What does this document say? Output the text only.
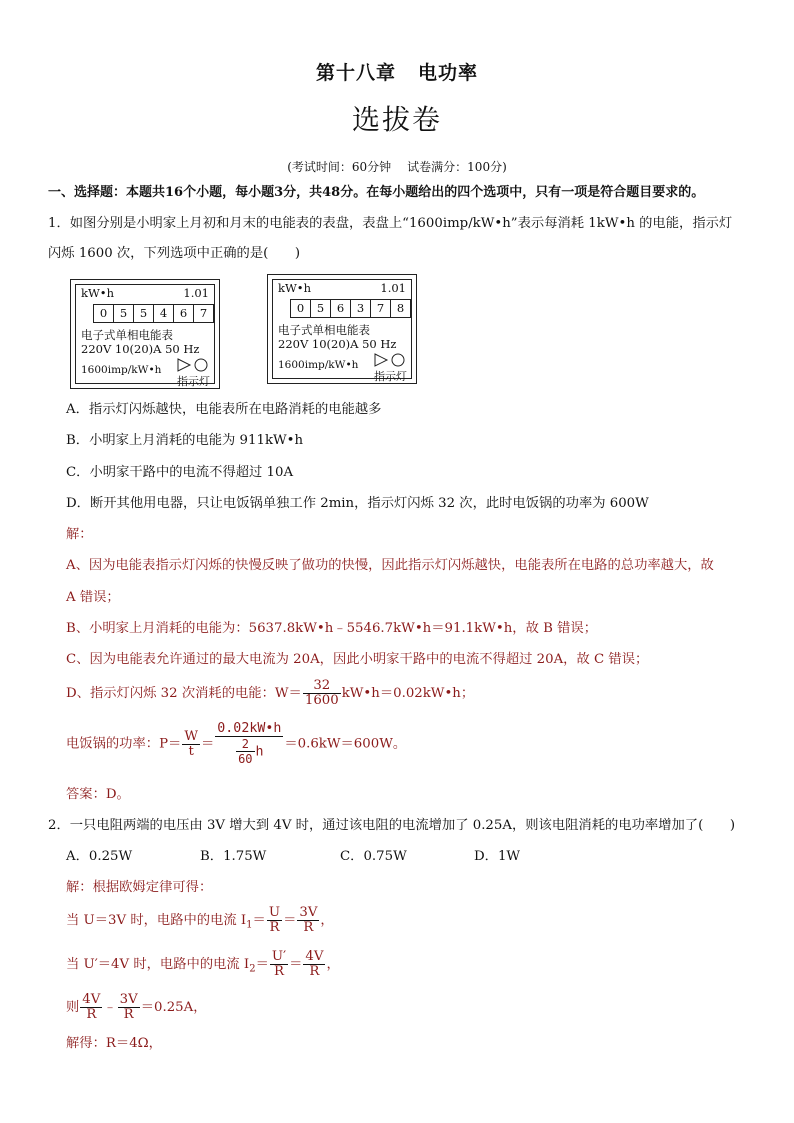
第十八章 电功率
选拔卷
(考试时间：60分钟 试卷满分：100分)
一、选择题：本题共16个小题，每小题3分，共48分。在每小题给出的四个选项中，只有一项是符合题目要求的。
1．如图分别是小明家上月初和月末的电能表的表盘，表盘上“1600imp/kW•h”表示每消耗 1kW•h 的电能，指示灯
闪烁 1600 次，下列选项中正确的是(　　)
kW•h	1.01
0	5	5	4	6	7
电子式单相电能表
220V 10(20)A 50 Hz
1600imp/kW•h
指示灯
kW•h	1.01
0	5	6	3	7	8
电子式单相电能表
220V 10(20)A 50 Hz
1600imp/kW•h
指示灯
A．指示灯闪烁越快，电能表所在电路消耗的电能越多
B．小明家上月消耗的电能为 911kW•h
C．小明家干路中的电流不得超过 10A
D．断开其他用电器，只让电饭锅单独工作 2min，指示灯闪烁 32 次，此时电饭锅的功率为 600W
解：
A、因为电能表指示灯闪烁的快慢反映了做功的快慢，因此指示灯闪烁越快，电能表所在电路的总功率越大，故
A 错误；
B、小明家上月消耗的电能为：5637.8kW•h﹣5546.7kW•h＝91.1kW•h，故 B 错误；
C、因为电能表允许通过的最大电流为 20A，因此小明家干路中的电流不得超过 20A，故 C 错误；
D、指示灯闪烁 32 次消耗的电能：$W= \frac{32}{1600}$ kW•h＝0.02kW•h；
电饭锅的功率：$P= \frac{W}{t} = \frac{0.02kW•h}{\frac{2}{60} h} =0.6kW=600W$。
答案：D。
2．一只电阻两端的电压由 3V 增大到 4V 时，通过该电阻的电流增加了 0.25A，则该电阻消耗的电功率增加了(　　)
A．0.25W	B．1.75W	C．0.75W	D．1W
解：根据欧姆定律可得：
当 U＝3V 时，电路中的电流 $I_1= \frac{U}{R} = \frac{3V}{R}$ ，
当 U′＝4V 时，电路中的电流 $I_2= \frac{U'}{R} = \frac{4V}{R}$ ，
则 $\frac{4V}{R}$ ﹣ $\frac{3V}{R} =0.25A$，
解得：R＝4Ω，
